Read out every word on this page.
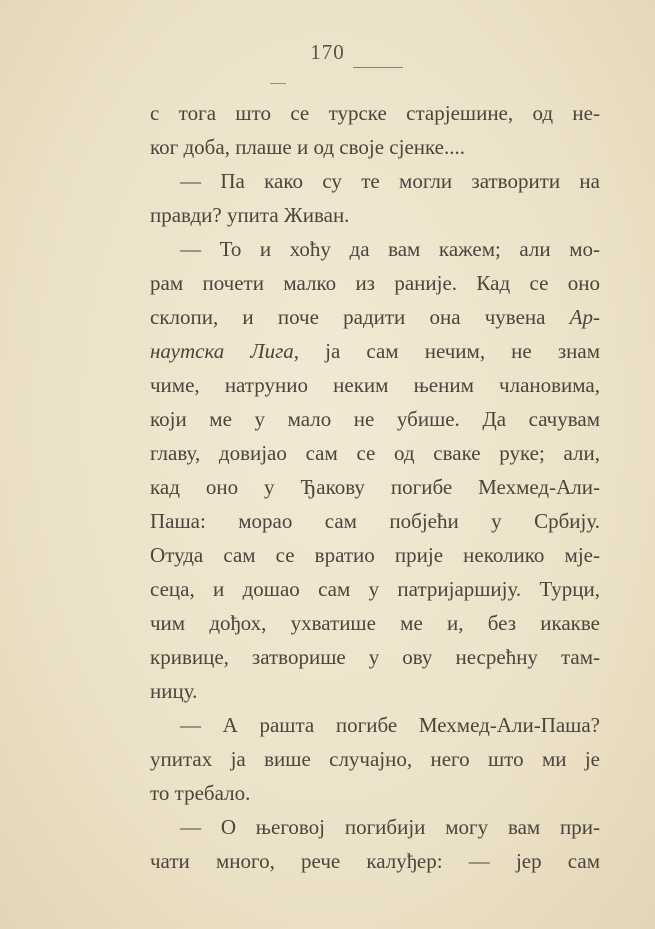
170
с тога што се турске старјешине, од не-
ког доба, плаше и од своје сјенке....
— Па како су те могли затворити на
правди? упита Живан.
— То и хоћу да вам кажем; али мо-
рам почети малко из раније. Кад се оно
склопи, и поче радити она чувена Ар-
наутска Лига, ја сам нечим, не знам
чиме, натрунио неким њеним члановима,
који ме у мало не убише. Да сачувам
главу, довијао сам се од сваке руке; али,
кад оно у Ђакову погибе Мехмед-Али-
Паша: морао сам побјећи у Србију.
Отуда сам се вратио прије неколико мје-
сеца, и дошао сам у патријаршију. Турци,
чим дођох, ухватише ме и, без икакве
кривице, затворише у ову несрећну там-
ницу.
— А рашта погибе Мехмед-Али-Паша?
упитах ја више случајно, него што ми је
то требало.
— О његовој погибији могу вам при-
чати много, рече калуђер: — јер сам
